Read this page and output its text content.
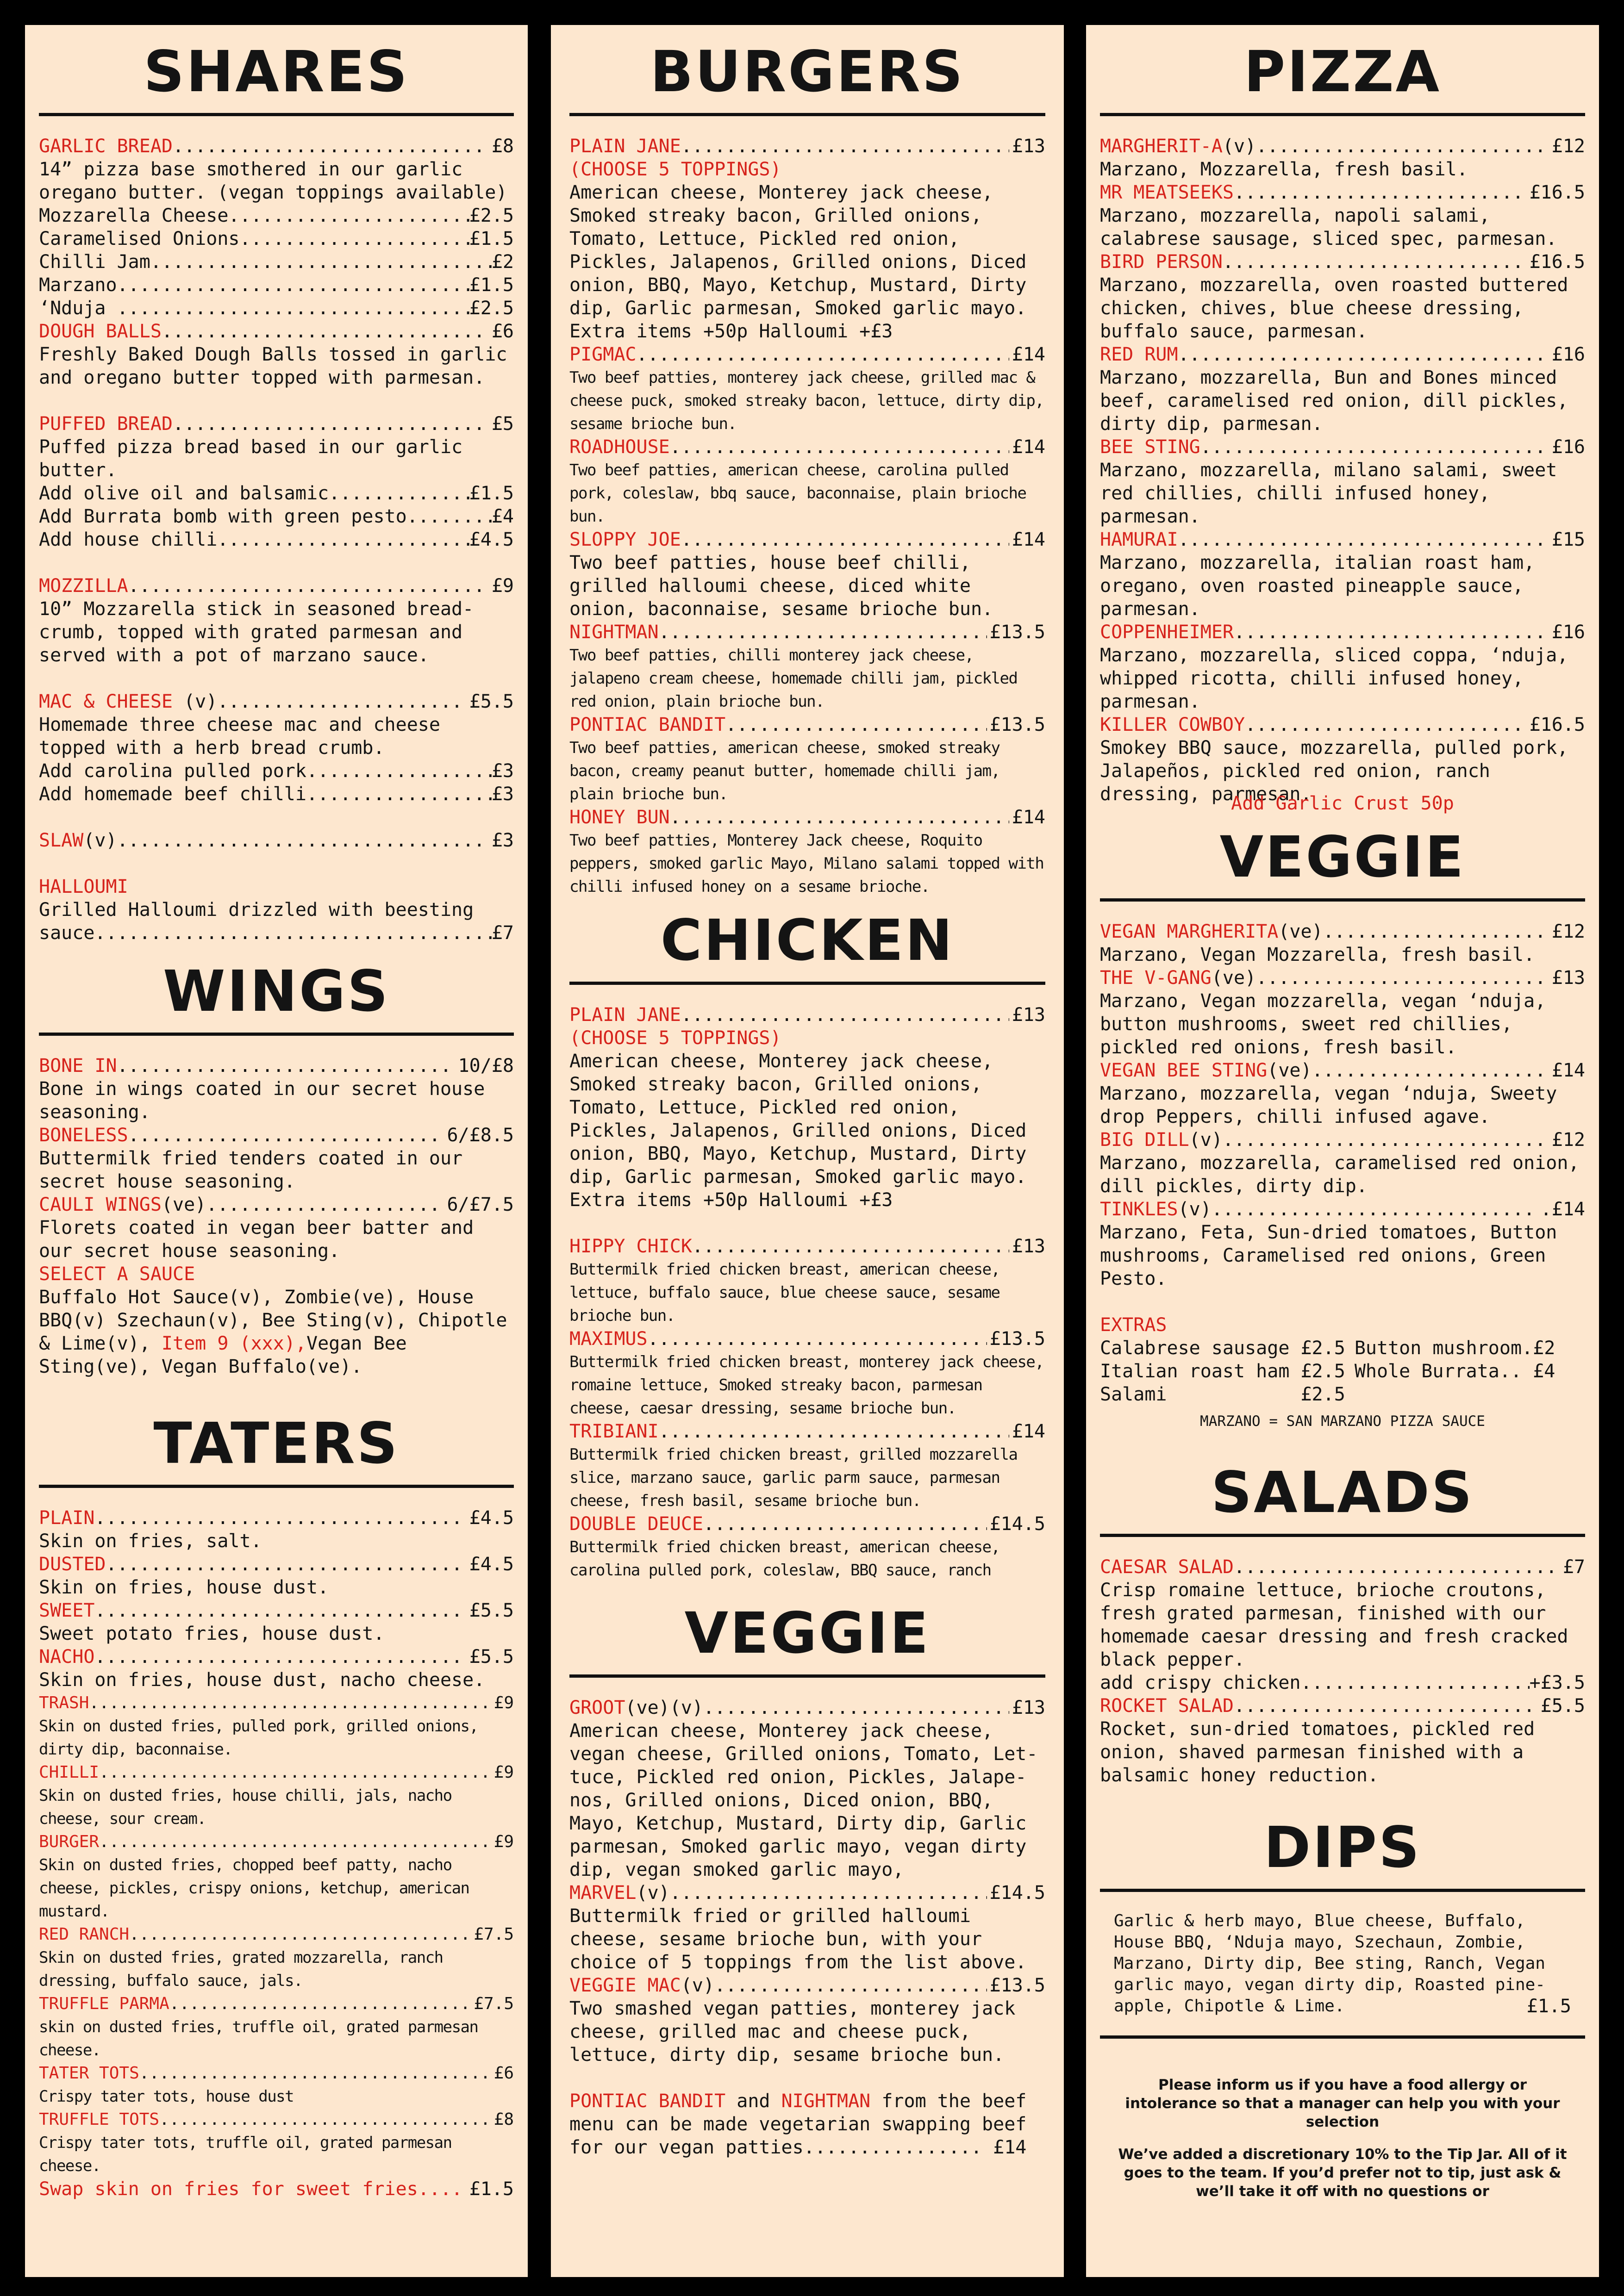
SHARES
GARLIC BREAD .....	£8
14” pizza base smothered in our garlic oregano butter. (vegan toppings available)
Mozzarella Cheese .....	£2.5
Caramelised Onions .....	£1.5
Chilli Jam .....	£2
Marzano .....	£1.5
‘Nduja .....	£2.5
DOUGH BALLS .....	£6
Freshly Baked Dough Balls tossed in garlic and oregano butter topped with parmesan.
PUFFED BREAD .....	£5
Puffed pizza bread based in our garlic butter.
Add olive oil and balsamic .....	£1.5
Add Burrata bomb with green pesto .....	£4
Add house chilli .....	£4.5
MOZZILLA .....	£9
10” Mozzarella stick in seasoned bread-crumb, topped with grated parmesan and served with a pot of marzano sauce.
MAC & CHEESE (v) .....	£5.5
Homemade three cheese mac and cheese topped with a herb bread crumb.
Add carolina pulled pork .....	£3
Add homemade beef chilli .....	£3
SLAW (v) .....	£3
HALLOUMI
Grilled Halloumi drizzled with beesting
sauce .....	£7
WINGS
BONE IN .....	10/£8
Bone in wings coated in our secret house seasoning.
BONELESS .....	6/£8.5
Buttermilk fried tenders coated in our secret house seasoning.
CAULI WINGS (ve) .....	6/£7.5
Florets coated in vegan beer batter and our secret house seasoning.
SELECT A SAUCE
Buffalo Hot Sauce(v), Zombie(ve), House BBQ(v) Szechaun(v), Bee Sting(v), Chipotle & Lime(v), Item 9 (xxx),Vegan Bee Sting(ve), Vegan Buffalo(ve).
TATERS
PLAIN .....	£4.5
Skin on fries, salt.
DUSTED .....	£4.5
Skin on fries, house dust.
SWEET .....	£5.5
Sweet potato fries, house dust.
NACHO .....	£5.5
Skin on fries, house dust, nacho cheese.
TRASH .....	£9
Skin on dusted fries, pulled pork, grilled onions, dirty dip, baconnaise.
CHILLI .....	£9
Skin on dusted fries, house chilli, jals, nacho cheese, sour cream.
BURGER .....	£9
Skin on dusted fries, chopped beef patty, nacho cheese, pickles, crispy onions, ketchup, american mustard.
RED RANCH .....	£7.5
Skin on dusted fries, grated mozzarella, ranch dressing, buffalo sauce, jals.
TRUFFLE PARMA .....	£7.5
skin on dusted fries, truffle oil, grated parmesan cheese.
TATER TOTS .....	£6
Crispy tater tots, house dust
TRUFFLE TOTS .....	£8
Crispy tater tots, truffle oil, grated parmesan cheese.
Swap skin on fries for sweet fries .....	£1.5
BURGERS
PLAIN JANE .....	£13
(CHOOSE 5 TOPPINGS)
American cheese, Monterey jack cheese, Smoked streaky bacon, Grilled onions, Tomato, Lettuce, Pickled red onion, Pickles, Jalapenos, Grilled onions, Diced onion, BBQ, Mayo, Ketchup, Mustard, Dirty dip, Garlic parmesan, Smoked garlic mayo.
Extra items +50p Halloumi +£3
PIGMAC .....	£14
Two beef patties, monterey jack cheese, grilled mac & cheese puck, smoked streaky bacon, lettuce, dirty dip, sesame brioche bun.
ROADHOUSE .....	£14
Two beef patties, american cheese, carolina pulled pork, coleslaw, bbq sauce, baconnaise, plain brioche bun.
SLOPPY JOE .....	£14
Two beef patties, house beef chilli, grilled halloumi cheese, diced white onion, baconnaise, sesame brioche bun.
NIGHTMAN .....	£13.5
Two beef patties, chilli monterey jack cheese, jalapeno cream cheese, homemade chilli jam, pickled red onion, plain brioche bun.
PONTIAC BANDIT .....	£13.5
Two beef patties, american cheese, smoked streaky bacon, creamy peanut butter, homemade chilli jam, plain brioche bun.
HONEY BUN .....	£14
Two beef patties, Monterey Jack cheese, Roquito peppers, smoked garlic Mayo, Milano salami topped with chilli infused honey on a sesame brioche.
CHICKEN
PLAIN JANE .....	£13
(CHOOSE 5 TOPPINGS)
American cheese, Monterey jack cheese, Smoked streaky bacon, Grilled onions, Tomato, Lettuce, Pickled red onion, Pickles, Jalapenos, Grilled onions, Diced onion, BBQ, Mayo, Ketchup, Mustard, Dirty dip, Garlic parmesan, Smoked garlic mayo.
Extra items +50p Halloumi +£3
HIPPY CHICK .....	£13
Buttermilk fried chicken breast, american cheese, lettuce, buffalo sauce, blue cheese sauce, sesame brioche bun.
MAXIMUS .....	£13.5
Buttermilk fried chicken breast, monterey jack cheese, romaine lettuce, Smoked streaky bacon, parmesan cheese, caesar dressing, sesame brioche bun.
TRIBIANI .....	£14
Buttermilk fried chicken breast, grilled mozzarella slice, marzano sauce, garlic parm sauce, parmesan cheese, fresh basil, sesame brioche bun.
DOUBLE DEUCE .....	£14.5
Buttermilk fried chicken breast, american cheese, carolina pulled pork, coleslaw, BBQ sauce, ranch
VEGGIE
GROOT (ve)(v) .....	£13
American cheese, Monterey jack cheese, vegan cheese, Grilled onions, Tomato, Let-tuce, Pickled red onion, Pickles, Jalape-nos, Grilled onions, Diced onion, BBQ, Mayo, Ketchup, Mustard, Dirty dip, Garlic parmesan, Smoked garlic mayo, vegan dirty dip, vegan smoked garlic mayo,
MARVEL (v) .....	£14.5
Buttermilk fried or grilled halloumi cheese, sesame brioche bun, with your choice of 5 toppings from the list above.
VEGGIE MAC (v) .....	£13.5
Two smashed vegan patties, monterey jack cheese, grilled mac and cheese puck, lettuce, dirty dip, sesame brioche bun.
PONTIAC BANDIT and NIGHTMAN from the beef menu can be made vegetarian swapping beef for our vegan patties................ £14
PIZZA
MARGHERIT-A (v) .....	£12
Marzano, Mozzarella, fresh basil.
MR MEATSEEKS .....	£16.5
Marzano, mozzarella, napoli salami, calabrese sausage, sliced spec, parmesan.
BIRD PERSON .....	£16.5
Marzano, mozzarella, oven roasted buttered chicken, chives, blue cheese dressing, buffalo sauce, parmesan.
RED RUM .....	£16
Marzano, mozzarella, Bun and Bones minced beef, caramelised red onion, dill pickles, dirty dip, parmesan.
BEE STING .....	£16
Marzano, mozzarella, milano salami, sweet red chillies, chilli infused honey, parmesan.
HAMURAI .....	£15
Marzano, mozzarella, italian roast ham, oregano, oven roasted pineapple sauce, parmesan.
COPPENHEIMER .....	£16
Marzano, mozzarella, sliced coppa, ‘nduja, whipped ricotta, chilli infused honey, parmesan.
KILLER COWBOY .....	£16.5
Smokey BBQ sauce, mozzarella, pulled pork, Jalapeños, pickled red onion, ranch dressing, parmesan.
Add Garlic Crust 50p
VEGGIE
VEGAN MARGHERITA (ve) .....	£12
Marzano, Vegan Mozzarella, fresh basil.
THE V-GANG (ve) .....	£13
Marzano, Vegan mozzarella, vegan ‘nduja, button mushrooms, sweet red chillies, pickled red onions, fresh basil.
VEGAN BEE STING (ve) .....	£14
Marzano, mozzarella, vegan ‘nduja, Sweety drop Peppers, chilli infused agave.
BIG DILL (v) .....	£12
Marzano, mozzarella, caramelised red onion, dill pickles, dirty dip.
TINKLES (v) .....	.£14
Marzano, Feta, Sun-dried tomatoes, Button mushrooms, Caramelised red onions, Green Pesto.
EXTRAS
Calabrese sausage £2.5 Button mushroom.£2
Italian roast ham £2.5 Whole Burrata.. £4
Salami            £2.5
MARZANO = SAN MARZANO PIZZA SAUCE
SALADS
CAESAR SALAD .....	£7
Crisp romaine lettuce, brioche croutons, fresh grated parmesan, finished with our homemade caesar dressing and fresh cracked black pepper.
add crispy chicken .....	+£3.5
ROCKET SALAD .....	£5.5
Rocket, sun-dried tomatoes, pickled red onion, shaved parmesan finished with a balsamic honey reduction.
DIPS
Garlic & herb mayo, Blue cheese, Buffalo, House BBQ, ‘Nduja mayo, Szechaun, Zombie, Marzano, Dirty dip, Bee sting, Ranch, Vegan garlic mayo, vegan dirty dip, Roasted pine-apple, Chipotle & Lime.	£1.5
Please inform us if you have a food allergy or intolerance so that a manager can help you with your selection
We’ve added a discretionary 10% to the Tip Jar. All of it goes to the team. If you’d prefer not to tip, just ask & we’ll take it off with no questions or
